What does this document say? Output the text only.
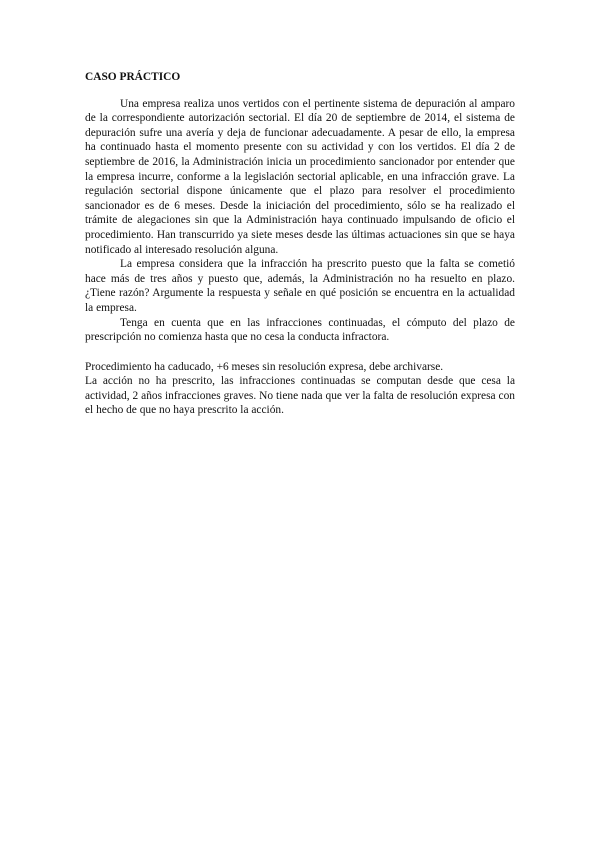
CASO PRÁCTICO

Una empresa realiza unos vertidos con el pertinente sistema de depuración al amparo de la correspondiente autorización sectorial. El día 20 de septiembre de 2014, el sistema de depuración sufre una avería y deja de funcionar adecuadamente. A pesar de ello, la empresa ha continuado hasta el momento presente con su actividad y con los vertidos. El día 2 de septiembre de 2016, la Administración inicia un procedimiento sancionador por entender que la empresa incurre, conforme a la legislación sectorial aplicable, en una infracción grave. La regulación sectorial dispone únicamente que el plazo para resolver el procedimiento sancionador es de 6 meses. Desde la iniciación del procedimiento, sólo se ha realizado el trámite de alegaciones sin que la Administración haya continuado impulsando de oficio el procedimiento. Han transcurrido ya siete meses desde las últimas actuaciones sin que se haya notificado al interesado resolución alguna.

La empresa considera que la infracción ha prescrito puesto que la falta se cometió hace más de tres años y puesto que, además, la Administración no ha resuelto en plazo. ¿Tiene razón? Argumente la respuesta y señale en qué posición se encuentra en la actualidad la empresa.

Tenga en cuenta que en las infracciones continuadas, el cómputo del plazo de prescripción no comienza hasta que no cesa la conducta infractora.

Procedimiento ha caducado, +6 meses sin resolución expresa, debe archivarse.

La acción no ha prescrito, las infracciones continuadas se computan desde que cesa la actividad, 2 años infracciones graves. No tiene nada que ver la falta de resolución expresa con el hecho de que no haya prescrito la acción.
